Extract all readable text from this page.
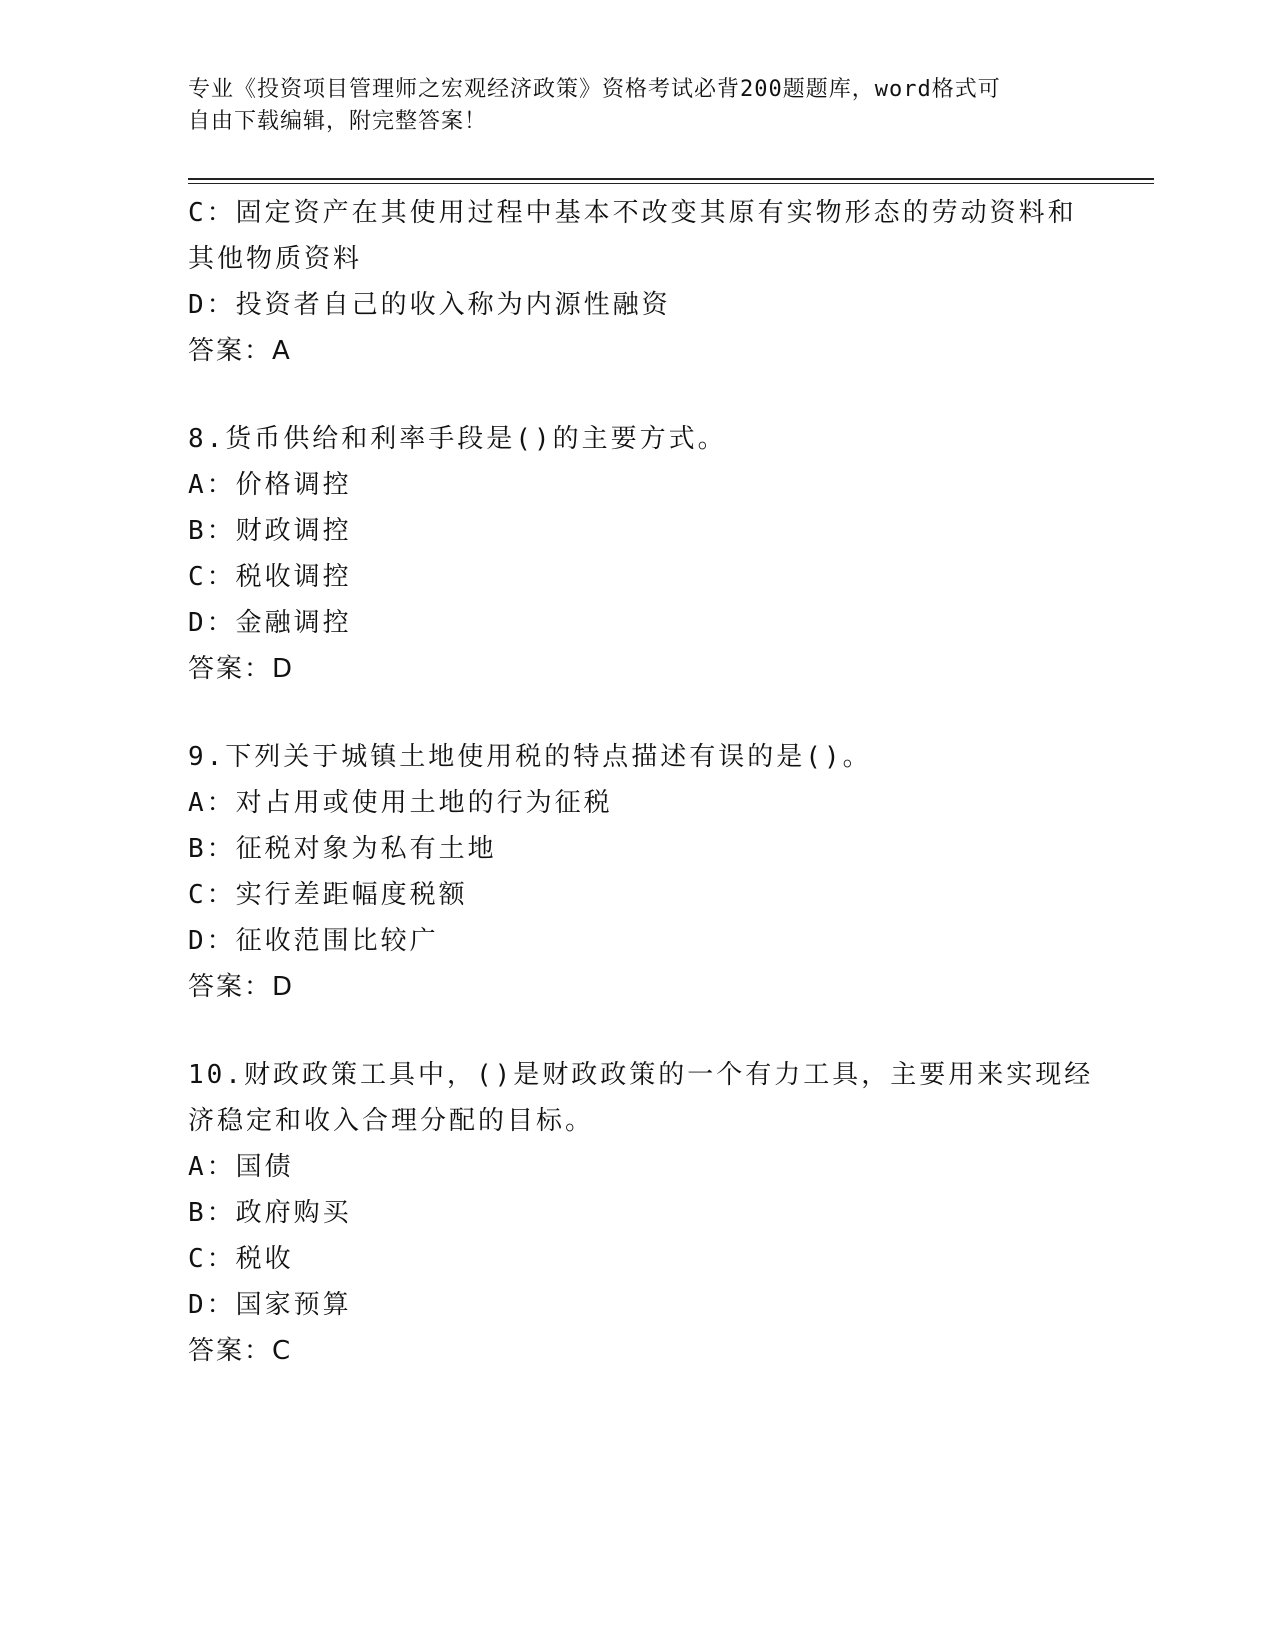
专业《投资项目管理师之宏观经济政策》资格考试必背200题题库，word格式可
自由下载编辑，附完整答案！
C：固定资产在其使用过程中基本不改变其原有实物形态的劳动资料和
其他物质资料
D：投资者自己的收入称为内源性融资
答案：A
8.货币供给和利率手段是()的主要方式。
A：价格调控
B：财政调控
C：税收调控
D：金融调控
答案：D
9.下列关于城镇土地使用税的特点描述有误的是()。
A：对占用或使用土地的行为征税
B：征税对象为私有土地
C：实行差距幅度税额
D：征收范围比较广
答案：D
10.财政政策工具中，()是财政政策的一个有力工具，主要用来实现经
济稳定和收入合理分配的目标。
A：国债
B：政府购买
C：税收
D：国家预算
答案：C
